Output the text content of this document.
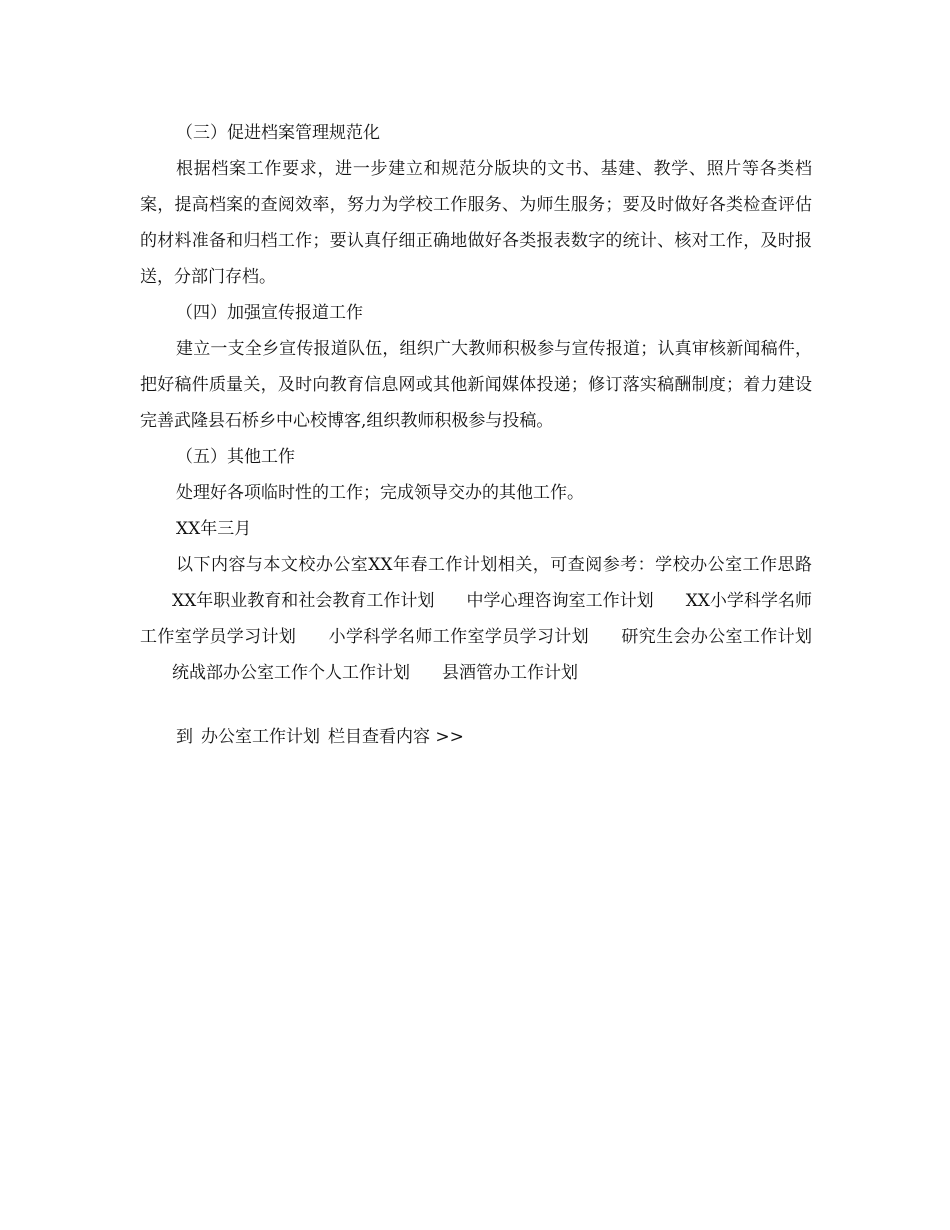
（三）促进档案管理规范化

根据档案工作要求，进一步建立和规范分版块的文书、基建、教学、照片等各类档案，提高档案的查阅效率，努力为学校工作服务、为师生服务；要及时做好各类检查评估的材料准备和归档工作；要认真仔细正确地做好各类报表数字的统计、核对工作，及时报送，分部门存档。

（四）加强宣传报道工作

建立一支全乡宣传报道队伍，组织广大教师积极参与宣传报道；认真审核新闻稿件，把好稿件质量关，及时向教育信息网或其他新闻媒体投递；修订落实稿酬制度；着力建设完善武隆县石桥乡中心校博客,组织教师积极参与投稿。

（五）其他工作

处理好各项临时性的工作；完成领导交办的其他工作。

XX年三月

以下内容与本文校办公室XX年春工作计划相关，可查阅参考：学校办公室工作思路XX年职业教育和社会教育工作计划 中学心理咨询室工作计划 XX小学科学名师工作室学员学习计划 小学科学名师工作室学员学习计划 研究生会办公室工作计划统战部办公室工作个人工作计划 县酒管办工作计划

到 办公室工作计划 栏目查看内容 >>
